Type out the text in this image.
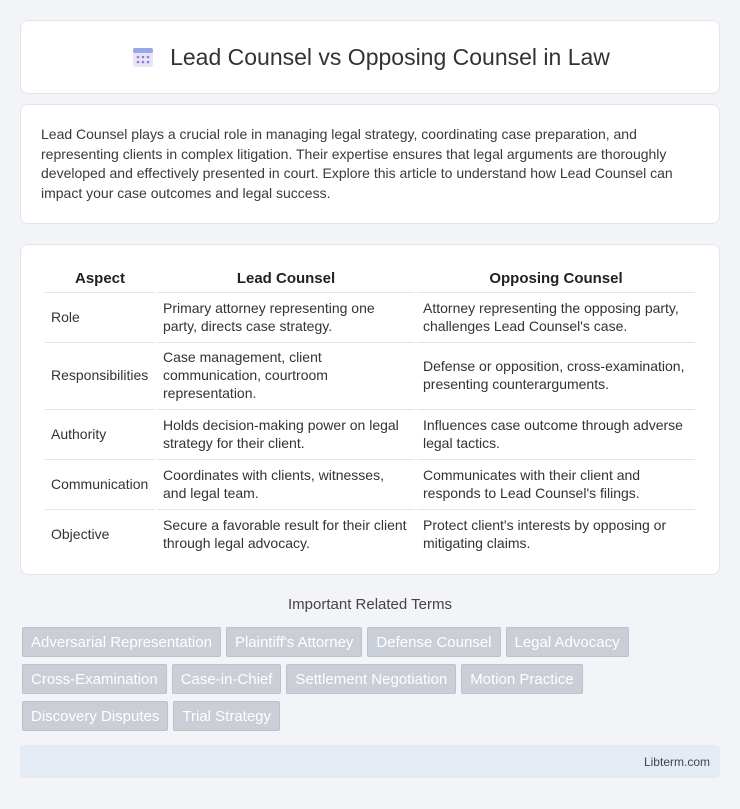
Lead Counsel vs Opposing Counsel in Law

Lead Counsel plays a crucial role in managing legal strategy, coordinating case preparation, and representing clients in complex litigation. Their expertise ensures that legal arguments are thoroughly developed and effectively presented in court. Explore this article to understand how Lead Counsel can impact your case outcomes and legal success.

Aspect	Lead Counsel	Opposing Counsel
Role	Primary attorney representing one party, directs case strategy.	Attorney representing the opposing party, challenges Lead Counsel's case.
Responsibilities	Case management, client communication, courtroom representation.	Defense or opposition, cross-examination, presenting counterarguments.
Authority	Holds decision-making power on legal strategy for their client.	Influences case outcome through adverse legal tactics.
Communication	Coordinates with clients, witnesses, and legal team.	Communicates with their client and responds to Lead Counsel's filings.
Objective	Secure a favorable result for their client through legal advocacy.	Protect client's interests by opposing or mitigating claims.
Important Related Terms
Adversarial Representation	Plaintiff's Attorney	Defense Counsel	Legal Advocacy
Cross-Examination	Case-in-Chief	Settlement Negotiation	Motion Practice
Discovery Disputes	Trial Strategy
Libterm.com
